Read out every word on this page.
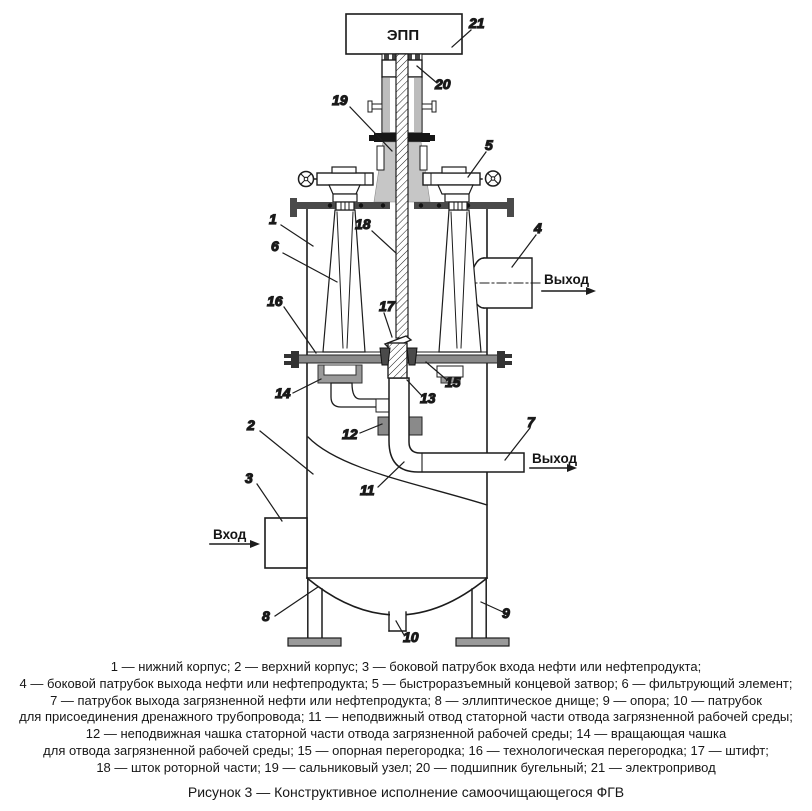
Вход
Выход
Выход
ЭПП
1
2
3
4
5
6
7
8	9
10
11
12
13
14
15
16	17
18
19
20
21
1 — нижний корпус; 2 — верхний корпус; 3 — боковой патрубок входа нефти или нефтепродукта;
4 — боковой патрубок выхода нефти или нефтепродукта; 5 — быстроразъемный концевой затвор; 6 — фильтрующий элемент;
7 — патрубок выхода загрязненной нефти или нефтепродукта; 8 — эллиптическое днище; 9 — опора; 10 — патрубок
для присоединения дренажного трубопровода; 11 — неподвижный отвод статорной части отвода загрязненной рабочей среды;
12 — неподвижная чашка статорной части отвода загрязненной рабочей среды; 14 — вращающая чашка
для отвода загрязненной рабочей среды; 15 — опорная перегородка; 16 — технологическая перегородка; 17 — штифт;
18 — шток роторной части; 19 — сальниковый узел; 20 — подшипник бугельный; 21 — электропривод
Рисунок 3 — Конструктивное исполнение самоочищающегося ФГВ
